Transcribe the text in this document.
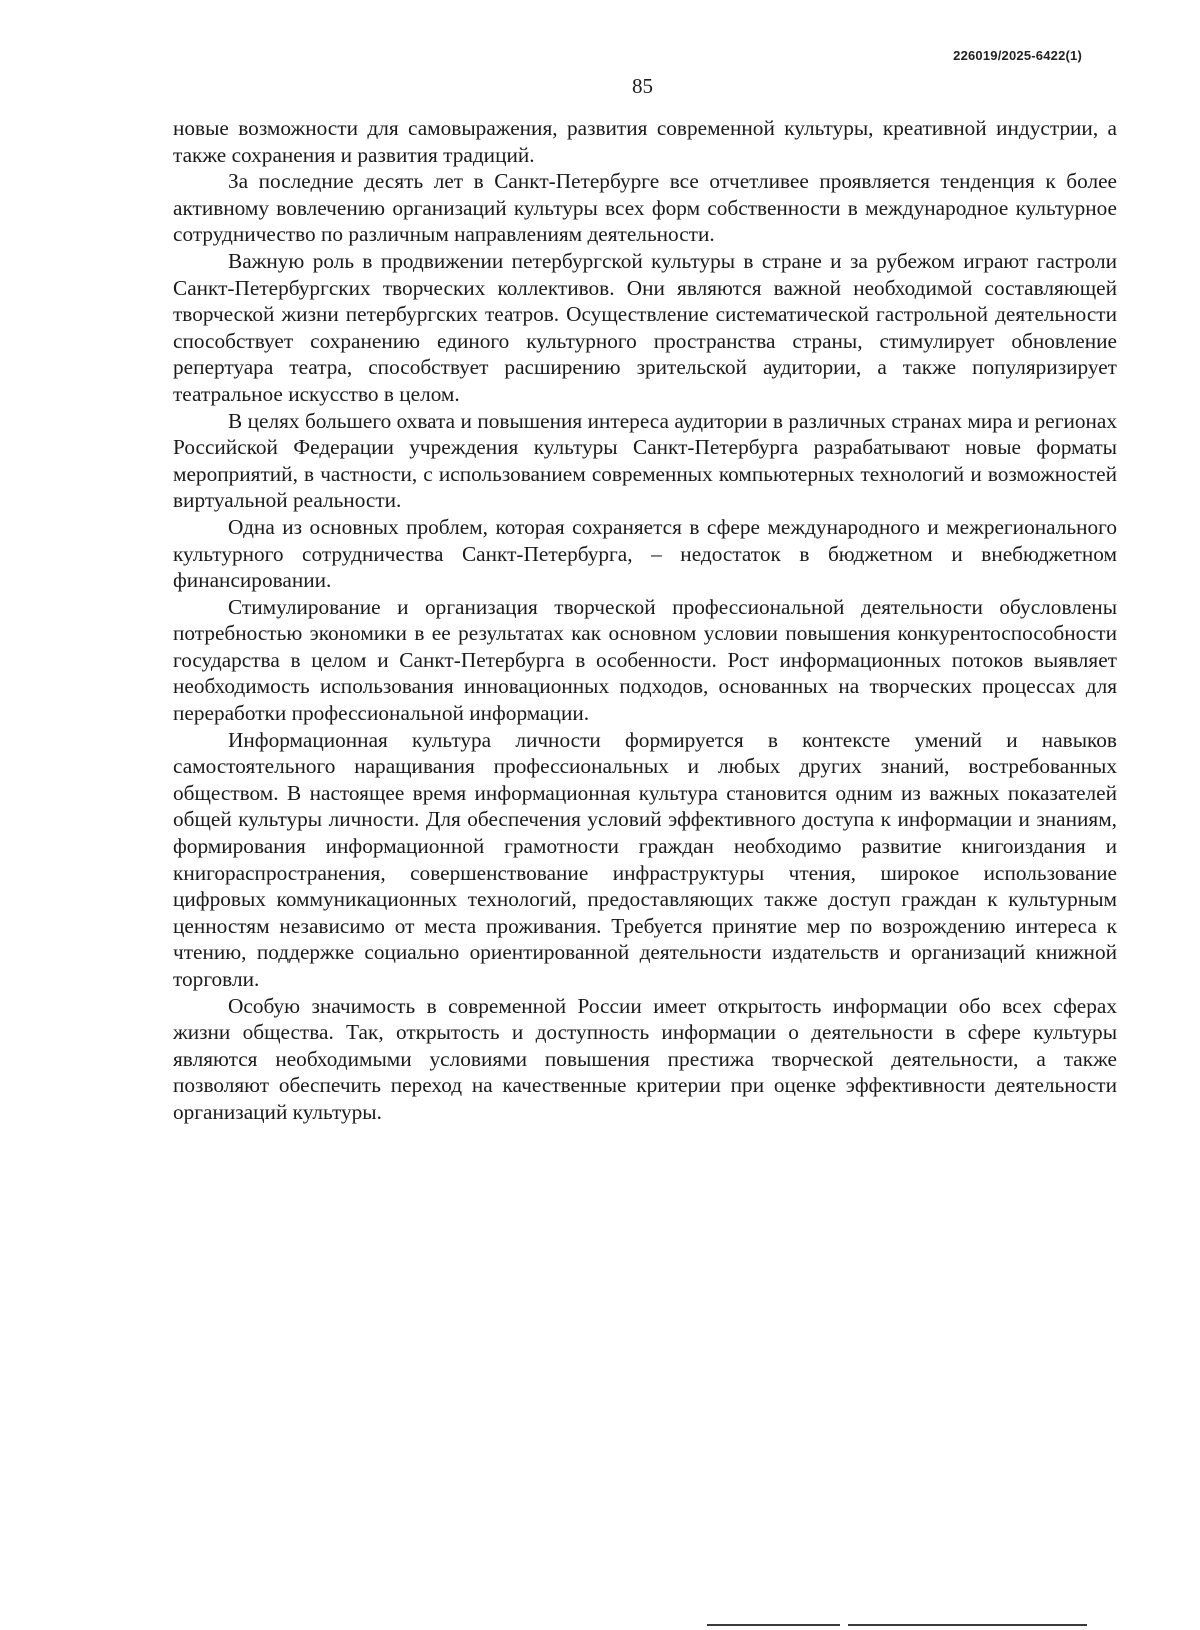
226019/2025-6422(1)
85

новые возможности для самовыражения, развития современной культуры, креативной индустрии, а также сохранения и развития традиций.

За последние десять лет в Санкт-Петербурге все отчетливее проявляется тенденция к более активному вовлечению организаций культуры всех форм собственности в международное культурное сотрудничество по различным направлениям деятельности.

Важную роль в продвижении петербургской культуры в стране и за рубежом играют гастроли Санкт-Петербургских творческих коллективов. Они являются важной необходимой составляющей творческой жизни петербургских театров. Осуществление систематической гастрольной деятельности способствует сохранению единого культурного пространства страны, стимулирует обновление репертуара театра, способствует расширению зрительской аудитории, а также популяризирует театральное искусство в целом.

В целях большего охвата и повышения интереса аудитории в различных странах мира и регионах Российской Федерации учреждения культуры Санкт-Петербурга разрабатывают новые форматы мероприятий, в частности, с использованием современных компьютерных технологий и возможностей виртуальной реальности.

Одна из основных проблем, которая сохраняется в сфере международного и межрегионального культурного сотрудничества Санкт-Петербурга, – недостаток в бюджетном и внебюджетном финансировании.

Стимулирование и организация творческой профессиональной деятельности обусловлены потребностью экономики в ее результатах как основном условии повышения конкурентоспособности государства в целом и Санкт-Петербурга в особенности. Рост информационных потоков выявляет необходимость использования инновационных подходов, основанных на творческих процессах для переработки профессиональной информации.

Информационная культура личности формируется в контексте умений и навыков самостоятельного наращивания профессиональных и любых других знаний, востребованных обществом. В настоящее время информационная культура становится одним из важных показателей общей культуры личности. Для обеспечения условий эффективного доступа к информации и знаниям, формирования информационной грамотности граждан необходимо развитие книгоиздания и книгораспространения, совершенствование инфраструктуры чтения, широкое использование цифровых коммуникационных технологий, предоставляющих также доступ граждан к культурным ценностям независимо от места проживания. Требуется принятие мер по возрождению интереса к чтению, поддержке социально ориентированной деятельности издательств и организаций книжной торговли.

Особую значимость в современной России имеет открытость информации обо всех сферах жизни общества. Так, открытость и доступность информации о деятельности в сфере культуры являются необходимыми условиями повышения престижа творческой деятельности, а также позволяют обеспечить переход на качественные критерии при оценке эффективности деятельности организаций культуры.
